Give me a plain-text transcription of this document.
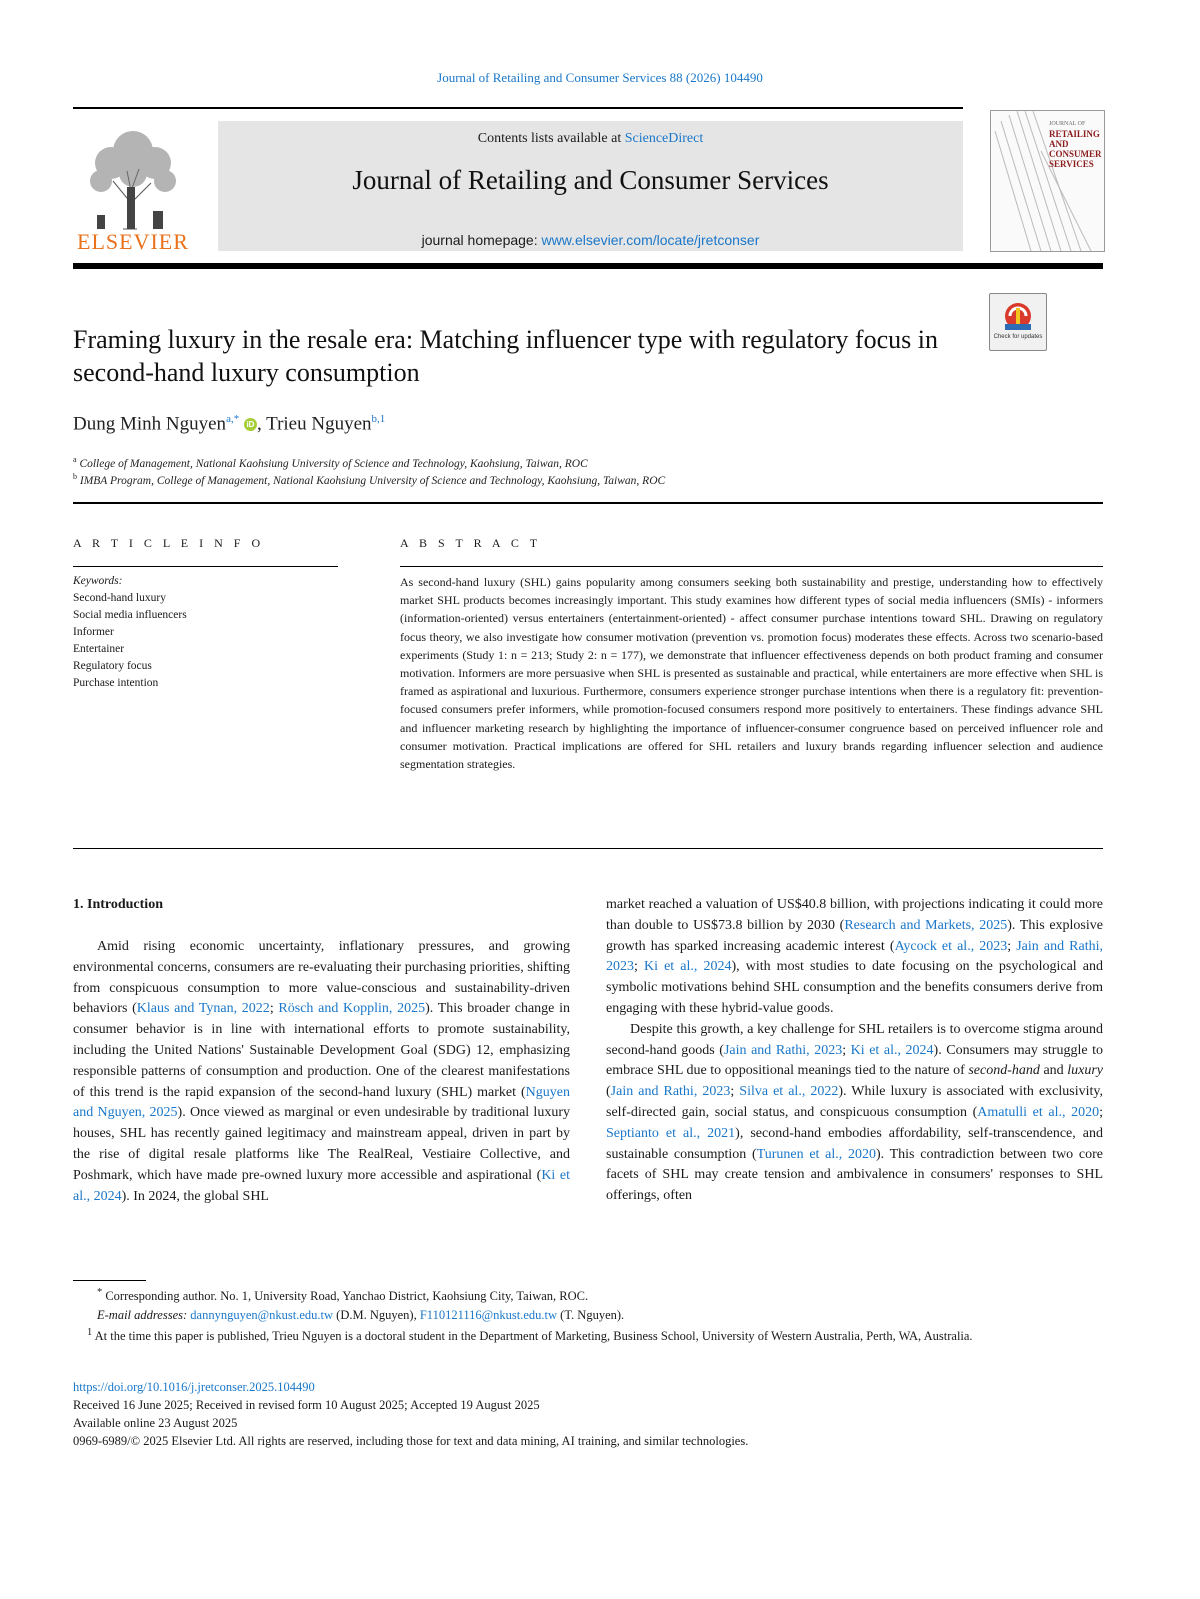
Journal of Retailing and Consumer Services 88 (2026) 104490
ELSEVIER
Contents lists available at ScienceDirect
Journal of Retailing and Consumer Services
journal homepage: www.elsevier.com/locate/jretconser
JOURNAL OF
RETAILING
AND
CONSUMER
SERVICES
Check for updates
Framing luxury in the resale era: Matching influencer type with regulatory focus in second-hand luxury consumption
Dung Minh Nguyen$^{a,*}$ iD , Trieu Nguyen$^{b,1}$
$^a$ College of Management, National Kaohsiung University of Science and Technology, Kaohsiung, Taiwan, ROC
$^b$ IMBA Program, College of Management, National Kaohsiung University of Science and Technology, Kaohsiung, Taiwan, ROC
A R T I C L E I N F O	A B S T R A C T
Keywords:
Second-hand luxury
Social media influencers
Informer
Entertainer
Regulatory focus
Purchase intention
As second-hand luxury (SHL) gains popularity among consumers seeking both sustainability and prestige, understanding how to effectively market SHL products becomes increasingly important. This study examines how different types of social media influencers (SMIs) - informers (information-oriented) versus entertainers (entertainment-oriented) - affect consumer purchase intentions toward SHL. Drawing on regulatory focus theory, we also investigate how consumer motivation (prevention vs. promotion focus) moderates these effects. Across two scenario-based experiments (Study 1: n = 213; Study 2: n = 177), we demonstrate that influencer effectiveness depends on both product framing and consumer motivation. Informers are more persuasive when SHL is presented as sustainable and practical, while entertainers are more effective when SHL is framed as aspirational and luxurious. Furthermore, consumers experience stronger purchase intentions when there is a regulatory fit: prevention-focused consumers prefer informers, while promotion-focused consumers respond more positively to entertainers. These findings advance SHL and influencer marketing research by highlighting the importance of influencer-consumer congruence based on perceived influencer role and consumer motivation. Practical implications are offered for SHL retailers and luxury brands regarding influencer selection and audience segmentation strategies.
1. Introduction

Amid rising economic uncertainty, inflationary pressures, and growing environmental concerns, consumers are re-evaluating their purchasing priorities, shifting from conspicuous consumption to more value-conscious and sustainability-driven behaviors (Klaus and Tynan, 2022; Rösch and Kopplin, 2025). This broader change in consumer behavior is in line with international efforts to promote sustainability, including the United Nations' Sustainable Development Goal (SDG) 12, emphasizing responsible patterns of consumption and production. One of the clearest manifestations of this trend is the rapid expansion of the second-hand luxury (SHL) market (Nguyen and Nguyen, 2025). Once viewed as marginal or even undesirable by traditional luxury houses, SHL has recently gained legitimacy and mainstream appeal, driven in part by the rise of digital resale platforms like The RealReal, Vestiaire Collective, and Poshmark, which have made pre-owned luxury more accessible and aspirational (Ki et al., 2024). In 2024, the global SHL

market reached a valuation of US$40.8 billion, with projections indicating it could more than double to US$73.8 billion by 2030 (Research and Markets, 2025). This explosive growth has sparked increasing academic interest (Aycock et al., 2023; Jain and Rathi, 2023; Ki et al., 2024), with most studies to date focusing on the psychological and symbolic motivations behind SHL consumption and the benefits consumers derive from engaging with these hybrid-value goods.

Despite this growth, a key challenge for SHL retailers is to overcome stigma around second-hand goods (Jain and Rathi, 2023; Ki et al., 2024). Consumers may struggle to embrace SHL due to oppositional meanings tied to the nature of second-hand and luxury (Jain and Rathi, 2023; Silva et al., 2022). While luxury is associated with exclusivity, self-directed gain, social status, and conspicuous consumption (Amatulli et al., 2020; Septianto et al., 2021), second-hand embodies affordability, self-transcendence, and sustainable consumption (Turunen et al., 2020). This contradiction between two core facets of SHL may create tension and ambivalence in consumers' responses to SHL offerings, often

* Corresponding author. No. 1, University Road, Yanchao District, Kaohsiung City, Taiwan, ROC.
E-mail addresses: dannynguyen@nkust.edu.tw (D.M. Nguyen), F110121116@nkust.edu.tw (T. Nguyen).
$^1$ At the time this paper is published, Trieu Nguyen is a doctoral student in the Department of Marketing, Business School, University of Western Australia, Perth, WA, Australia.
https://doi.org/10.1016/j.jretconser.2025.104490
Received 16 June 2025; Received in revised form 10 August 2025; Accepted 19 August 2025
Available online 23 August 2025
0969-6989/© 2025 Elsevier Ltd. All rights are reserved, including those for text and data mining, AI training, and similar technologies.
